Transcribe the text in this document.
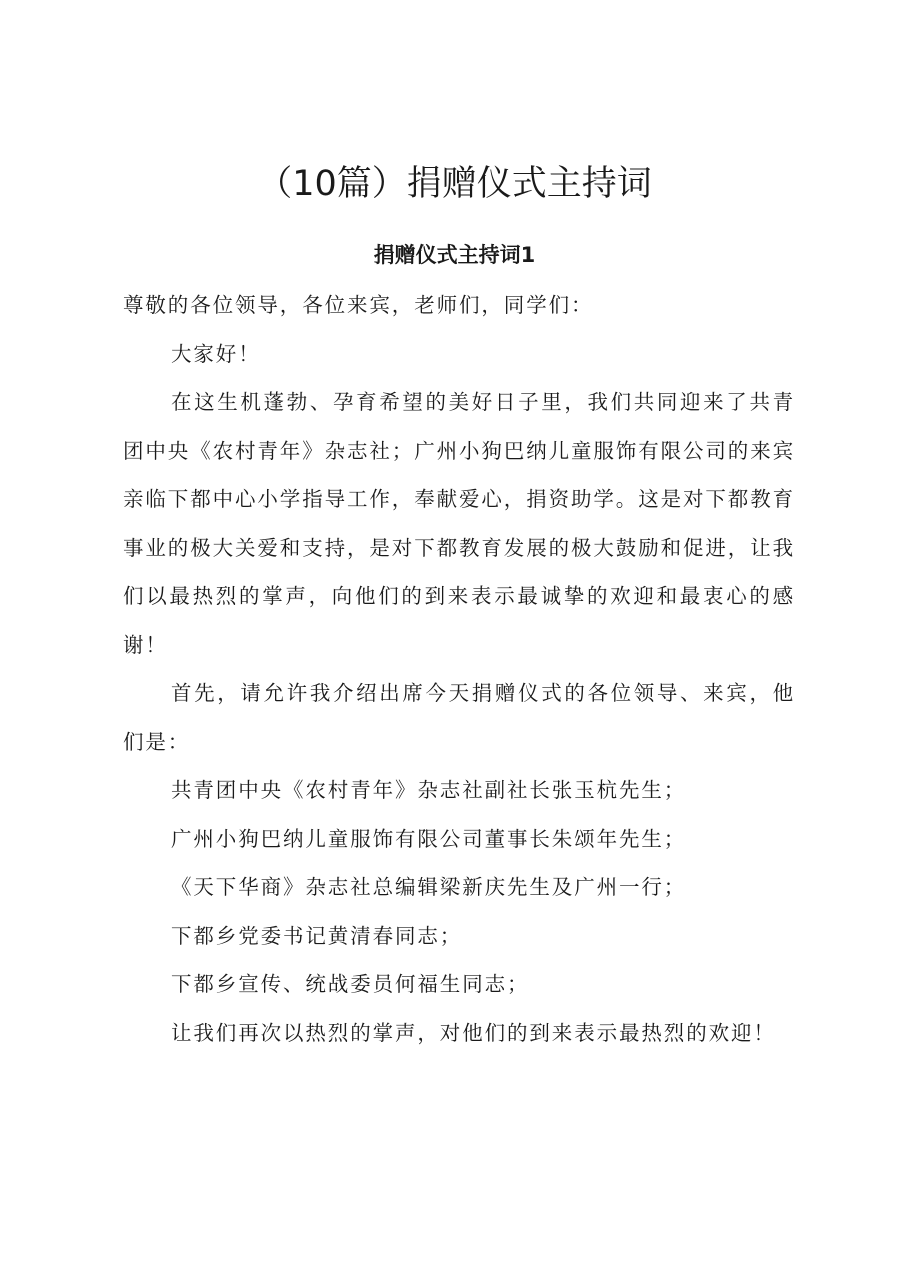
（10篇）捐赠仪式主持词
捐赠仪式主持词1

尊敬的各位领导，各位来宾，老师们，同学们：

大家好！

在这生机蓬勃、孕育希望的美好日子里，我们共同迎来了共青团中央《农村青年》杂志社；广州小狗巴纳儿童服饰有限公司的来宾亲临下都中心小学指导工作，奉献爱心，捐资助学。这是对下都教育事业的极大关爱和支持，是对下都教育发展的极大鼓励和促进，让我们以最热烈的掌声，向他们的到来表示最诚挚的欢迎和最衷心的感谢！

首先，请允许我介绍出席今天捐赠仪式的各位领导、来宾，他们是：

共青团中央《农村青年》杂志社副社长张玉杭先生；

广州小狗巴纳儿童服饰有限公司董事长朱颂年先生；

《天下华商》杂志社总编辑梁新庆先生及广州一行；

下都乡党委书记黄清春同志；

下都乡宣传、统战委员何福生同志；

让我们再次以热烈的掌声，对他们的到来表示最热烈的欢迎！
